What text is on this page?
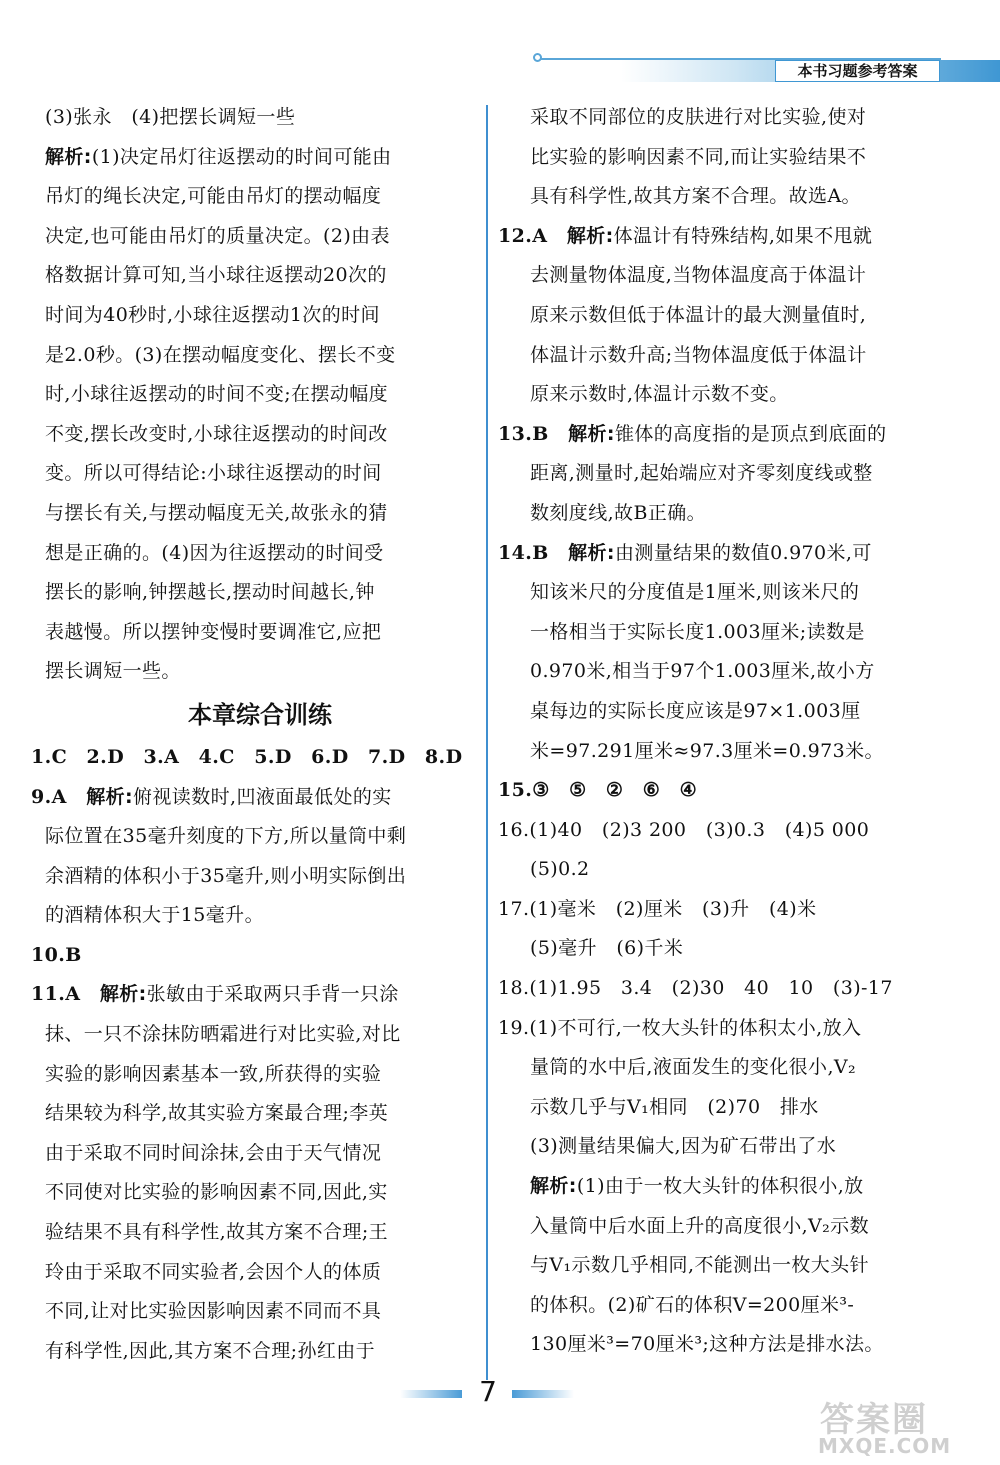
本书习题参考答案
(3)张永　(4)把摆长调短一些
解析:(1)决定吊灯往返摆动的时间可能由
吊灯的绳长决定,可能由吊灯的摆动幅度
决定,也可能由吊灯的质量决定。(2)由表
格数据计算可知,当小球往返摆动20次的
时间为40秒时,小球往返摆动1次的时间
是2.0秒。(3)在摆动幅度变化、摆长不变
时,小球往返摆动的时间不变;在摆动幅度
不变,摆长改变时,小球往返摆动的时间改
变。所以可得结论:小球往返摆动的时间
与摆长有关,与摆动幅度无关,故张永的猜
想是正确的。(4)因为往返摆动的时间受
摆长的影响,钟摆越长,摆动时间越长,钟
表越慢。所以摆钟变慢时要调准它,应把
摆长调短一些。
本章综合训练
1.C　2.D　3.A　4.C　5.D　6.D　7.D　8.D
9.A　解析:俯视读数时,凹液面最低处的实
际位置在35毫升刻度的下方,所以量筒中剩
余酒精的体积小于35毫升,则小明实际倒出
的酒精体积大于15毫升。
10.B
11.A　解析:张敏由于采取两只手背一只涂
抹、一只不涂抹防晒霜进行对比实验,对比
实验的影响因素基本一致,所获得的实验
结果较为科学,故其实验方案最合理;李英
由于采取不同时间涂抹,会由于天气情况
不同使对比实验的影响因素不同,因此,实
验结果不具有科学性,故其方案不合理;王
玲由于采取不同实验者,会因个人的体质
不同,让对比实验因影响因素不同而不具
有科学性,因此,其方案不合理;孙红由于
采取不同部位的皮肤进行对比实验,使对
比实验的影响因素不同,而让实验结果不
具有科学性,故其方案不合理。故选A。
12.A　解析:体温计有特殊结构,如果不甩就
去测量物体温度,当物体温度高于体温计
原来示数但低于体温计的最大测量值时,
体温计示数升高;当物体温度低于体温计
原来示数时,体温计示数不变。
13.B　解析:锥体的高度指的是顶点到底面的
距离,测量时,起始端应对齐零刻度线或整
数刻度线,故B正确。
14.B　解析:由测量结果的数值0.970米,可
知该米尺的分度值是1厘米,则该米尺的
一格相当于实际长度1.003厘米;读数是
0.970米,相当于97个1.003厘米,故小方
桌每边的实际长度应该是97×1.003厘
米=97.291厘米≈97.3厘米=0.973米。
15.③　⑤　②　⑥　④
16.(1)40　(2)3 200　(3)0.3　(4)5 000
(5)0.2
17.(1)毫米　(2)厘米　(3)升　(4)米
(5)毫升　(6)千米
18.(1)1.95　3.4　(2)30　40　10　(3)-17
19.(1)不可行,一枚大头针的体积太小,放入
量筒的水中后,液面发生的变化很小,V₂
示数几乎与V₁相同　(2)70　排水
(3)测量结果偏大,因为矿石带出了水
解析:(1)由于一枚大头针的体积很小,放
入量筒中后水面上升的高度很小,V₂示数
与V₁示数几乎相同,不能测出一枚大头针
的体积。(2)矿石的体积V=200厘米³-
130厘米³=70厘米³;这种方法是排水法。
7
答案圈
MXQE.COM
